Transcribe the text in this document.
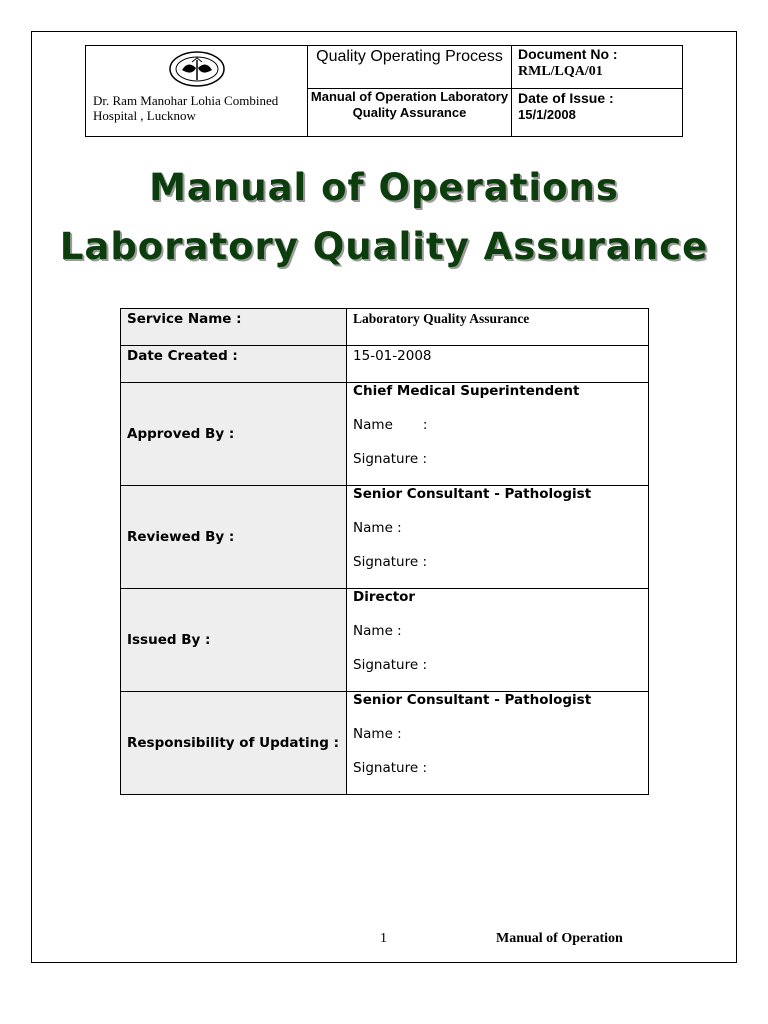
Dr. Ram Manohar Lohia Combined Hospital , Lucknow
Quality Operating Process
Manual of Operation Laboratory Quality Assurance
Document No :
RML/LQA/01
Date of Issue :
15/1/2008
Manual of Operations
Laboratory Quality Assurance
Service Name :	Laboratory Quality Assurance
Date Created :	15-01-2008
Approved By :	Chief Medical Superintendent
Name       :
Signature :

Reviewed By :	Senior Consultant - Pathologist
Name :
Signature :

Issued By :	Director
Name :
Signature :

Responsibility of Updating :	Senior Consultant - Pathologist
Name :
Signature :
1	Manual of Operation
